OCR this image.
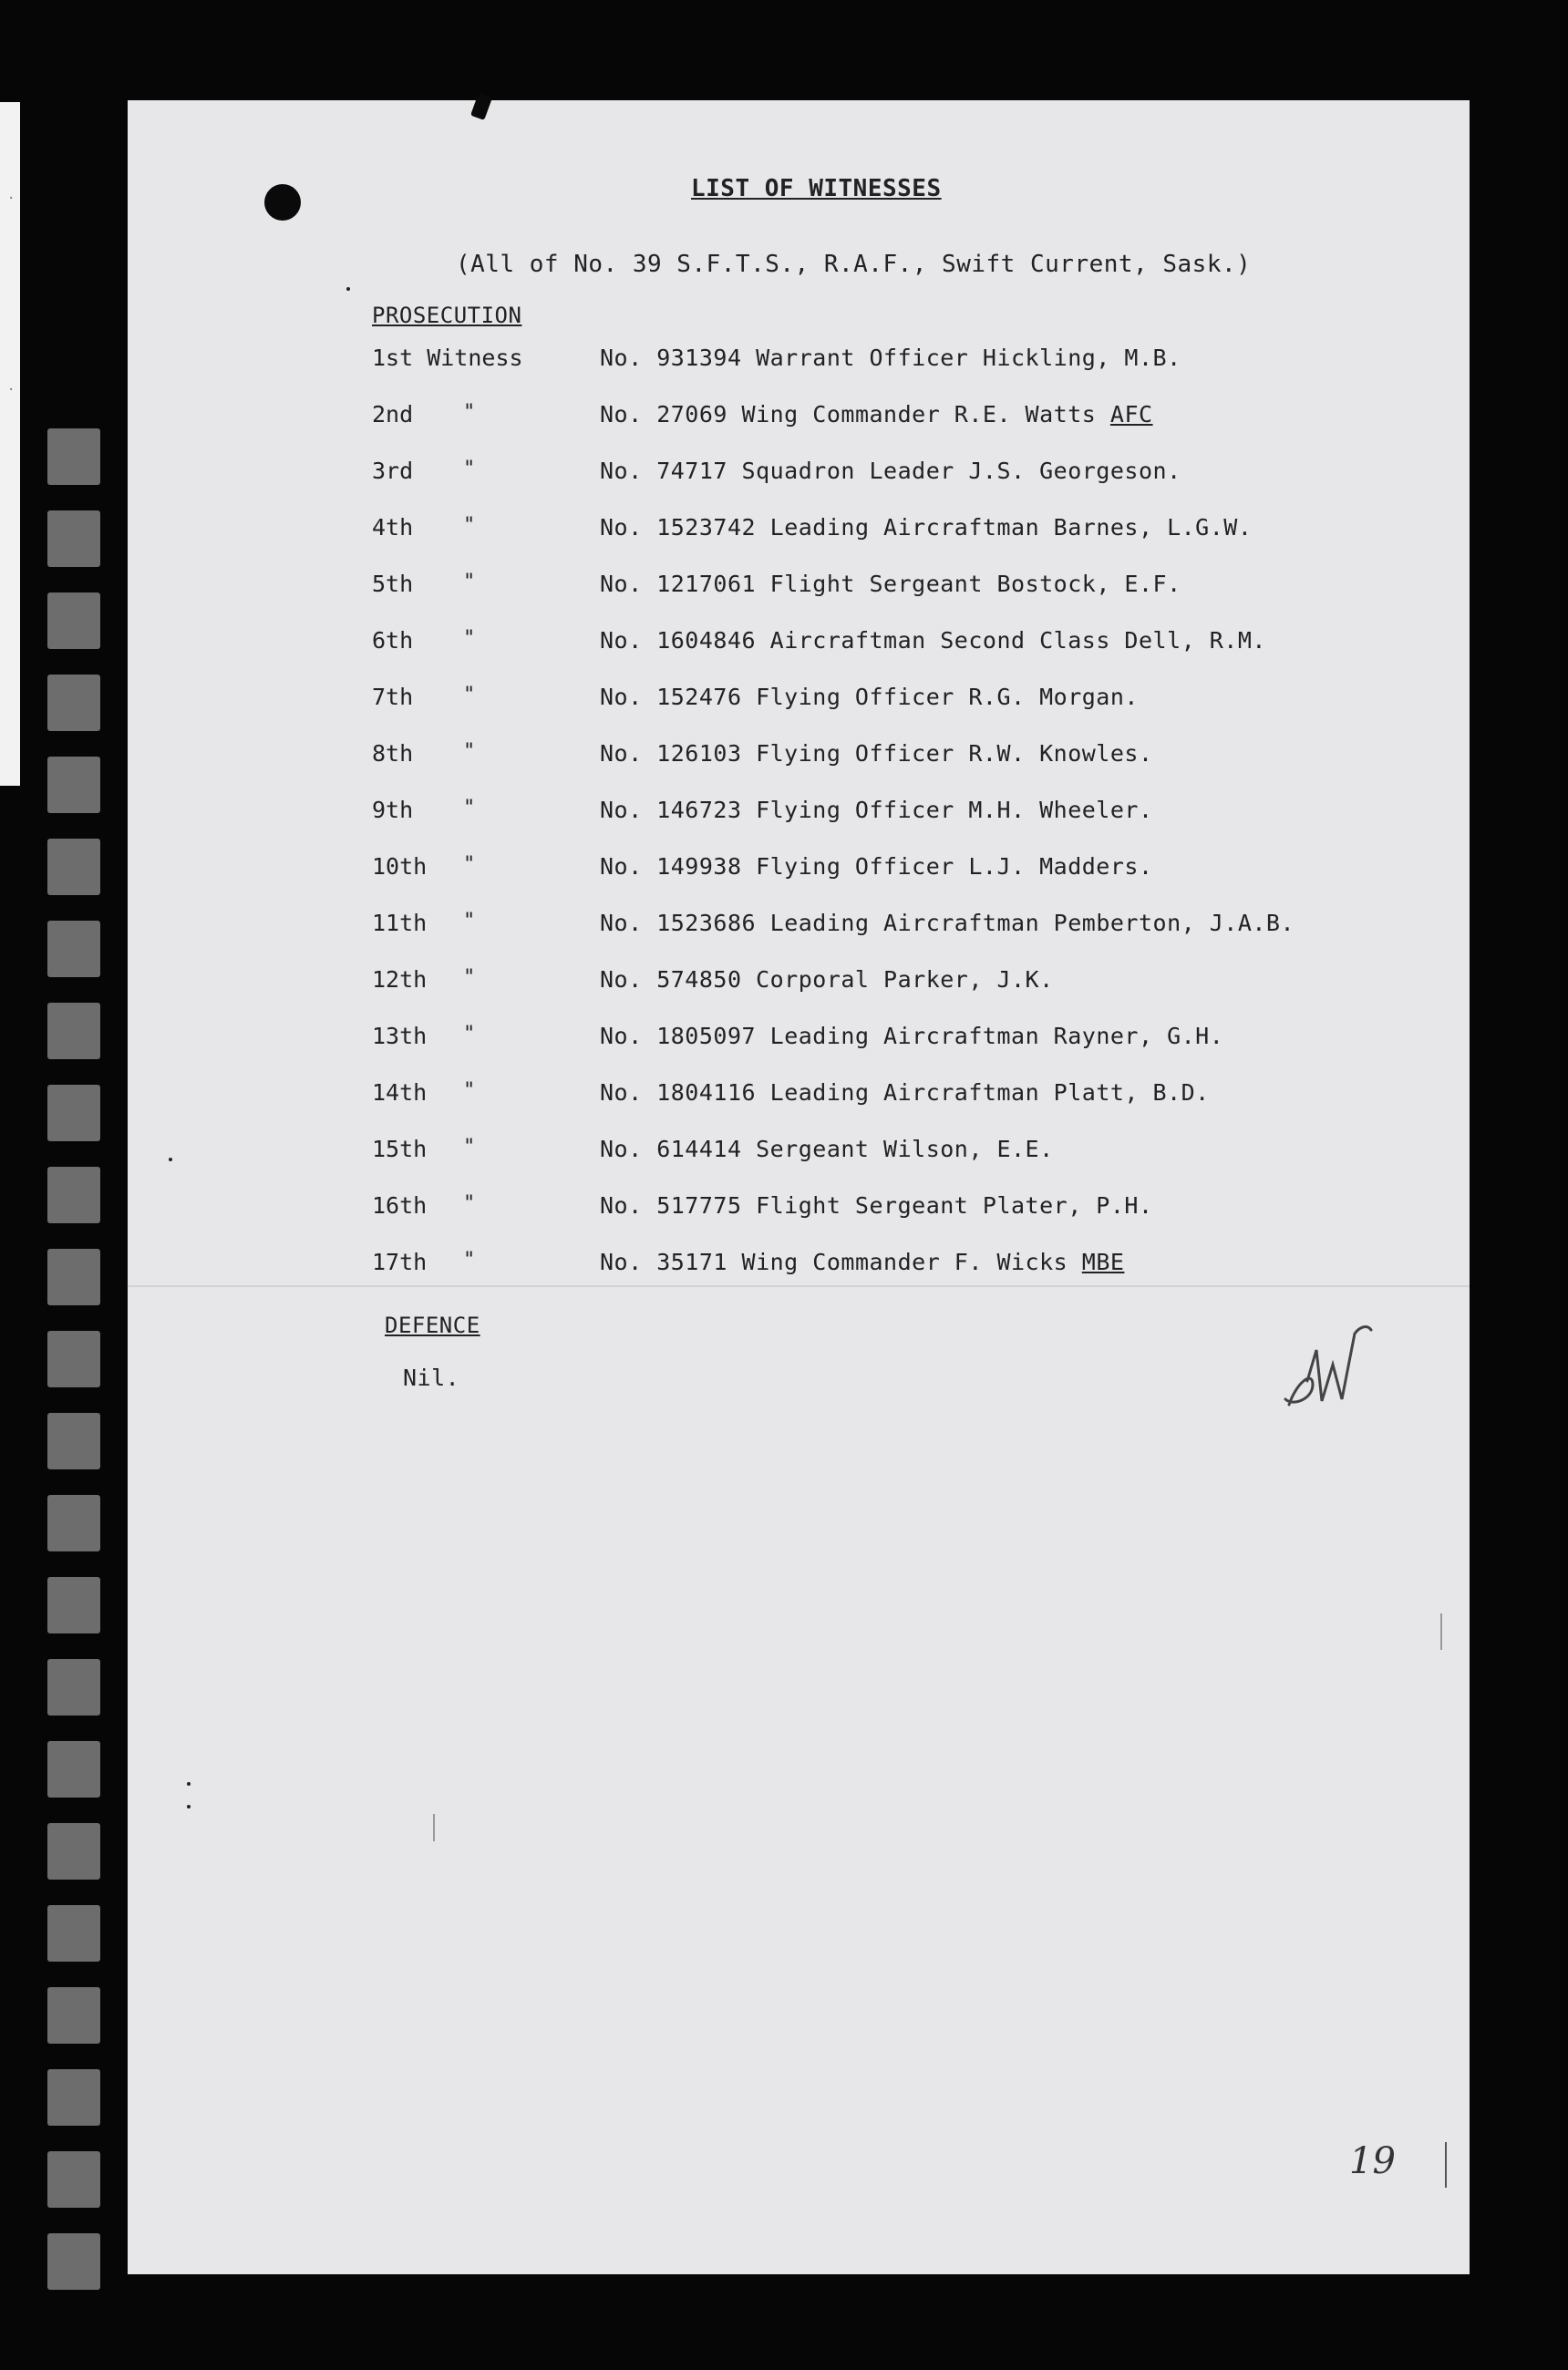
·
·
LIST OF WITNESSES
(All of No. 39 S.F.T.S., R.A.F., Swift Current, Sask.)
PROSECUTION
1st Witness	No. 931394 Warrant Officer Hickling, M.B.
2nd "	No. 27069 Wing Commander R.E. Watts AFC
3rd "	No. 74717 Squadron Leader J.S. Georgeson.
4th "	No. 1523742 Leading Aircraftman Barnes, L.G.W.
5th "	No. 1217061 Flight Sergeant Bostock, E.F.
6th "	No. 1604846 Aircraftman Second Class Dell, R.M.
7th "	No. 152476 Flying Officer R.G. Morgan.
8th "	No. 126103 Flying Officer R.W. Knowles.
9th "	No. 146723 Flying Officer M.H. Wheeler.
10th "	No. 149938 Flying Officer L.J. Madders.
11th "	No. 1523686 Leading Aircraftman Pemberton, J.A.B.
12th "	No. 574850 Corporal Parker, J.K.
13th "	No. 1805097 Leading Aircraftman Rayner, G.H.
14th "	No. 1804116 Leading Aircraftman Platt, B.D.
15th "	No. 614414 Sergeant Wilson, E.E.
16th "	No. 517775 Flight Sergeant Plater, P.H.
17th "	No. 35171 Wing Commander F. Wicks MBE
DEFENCE
Nil.
19
